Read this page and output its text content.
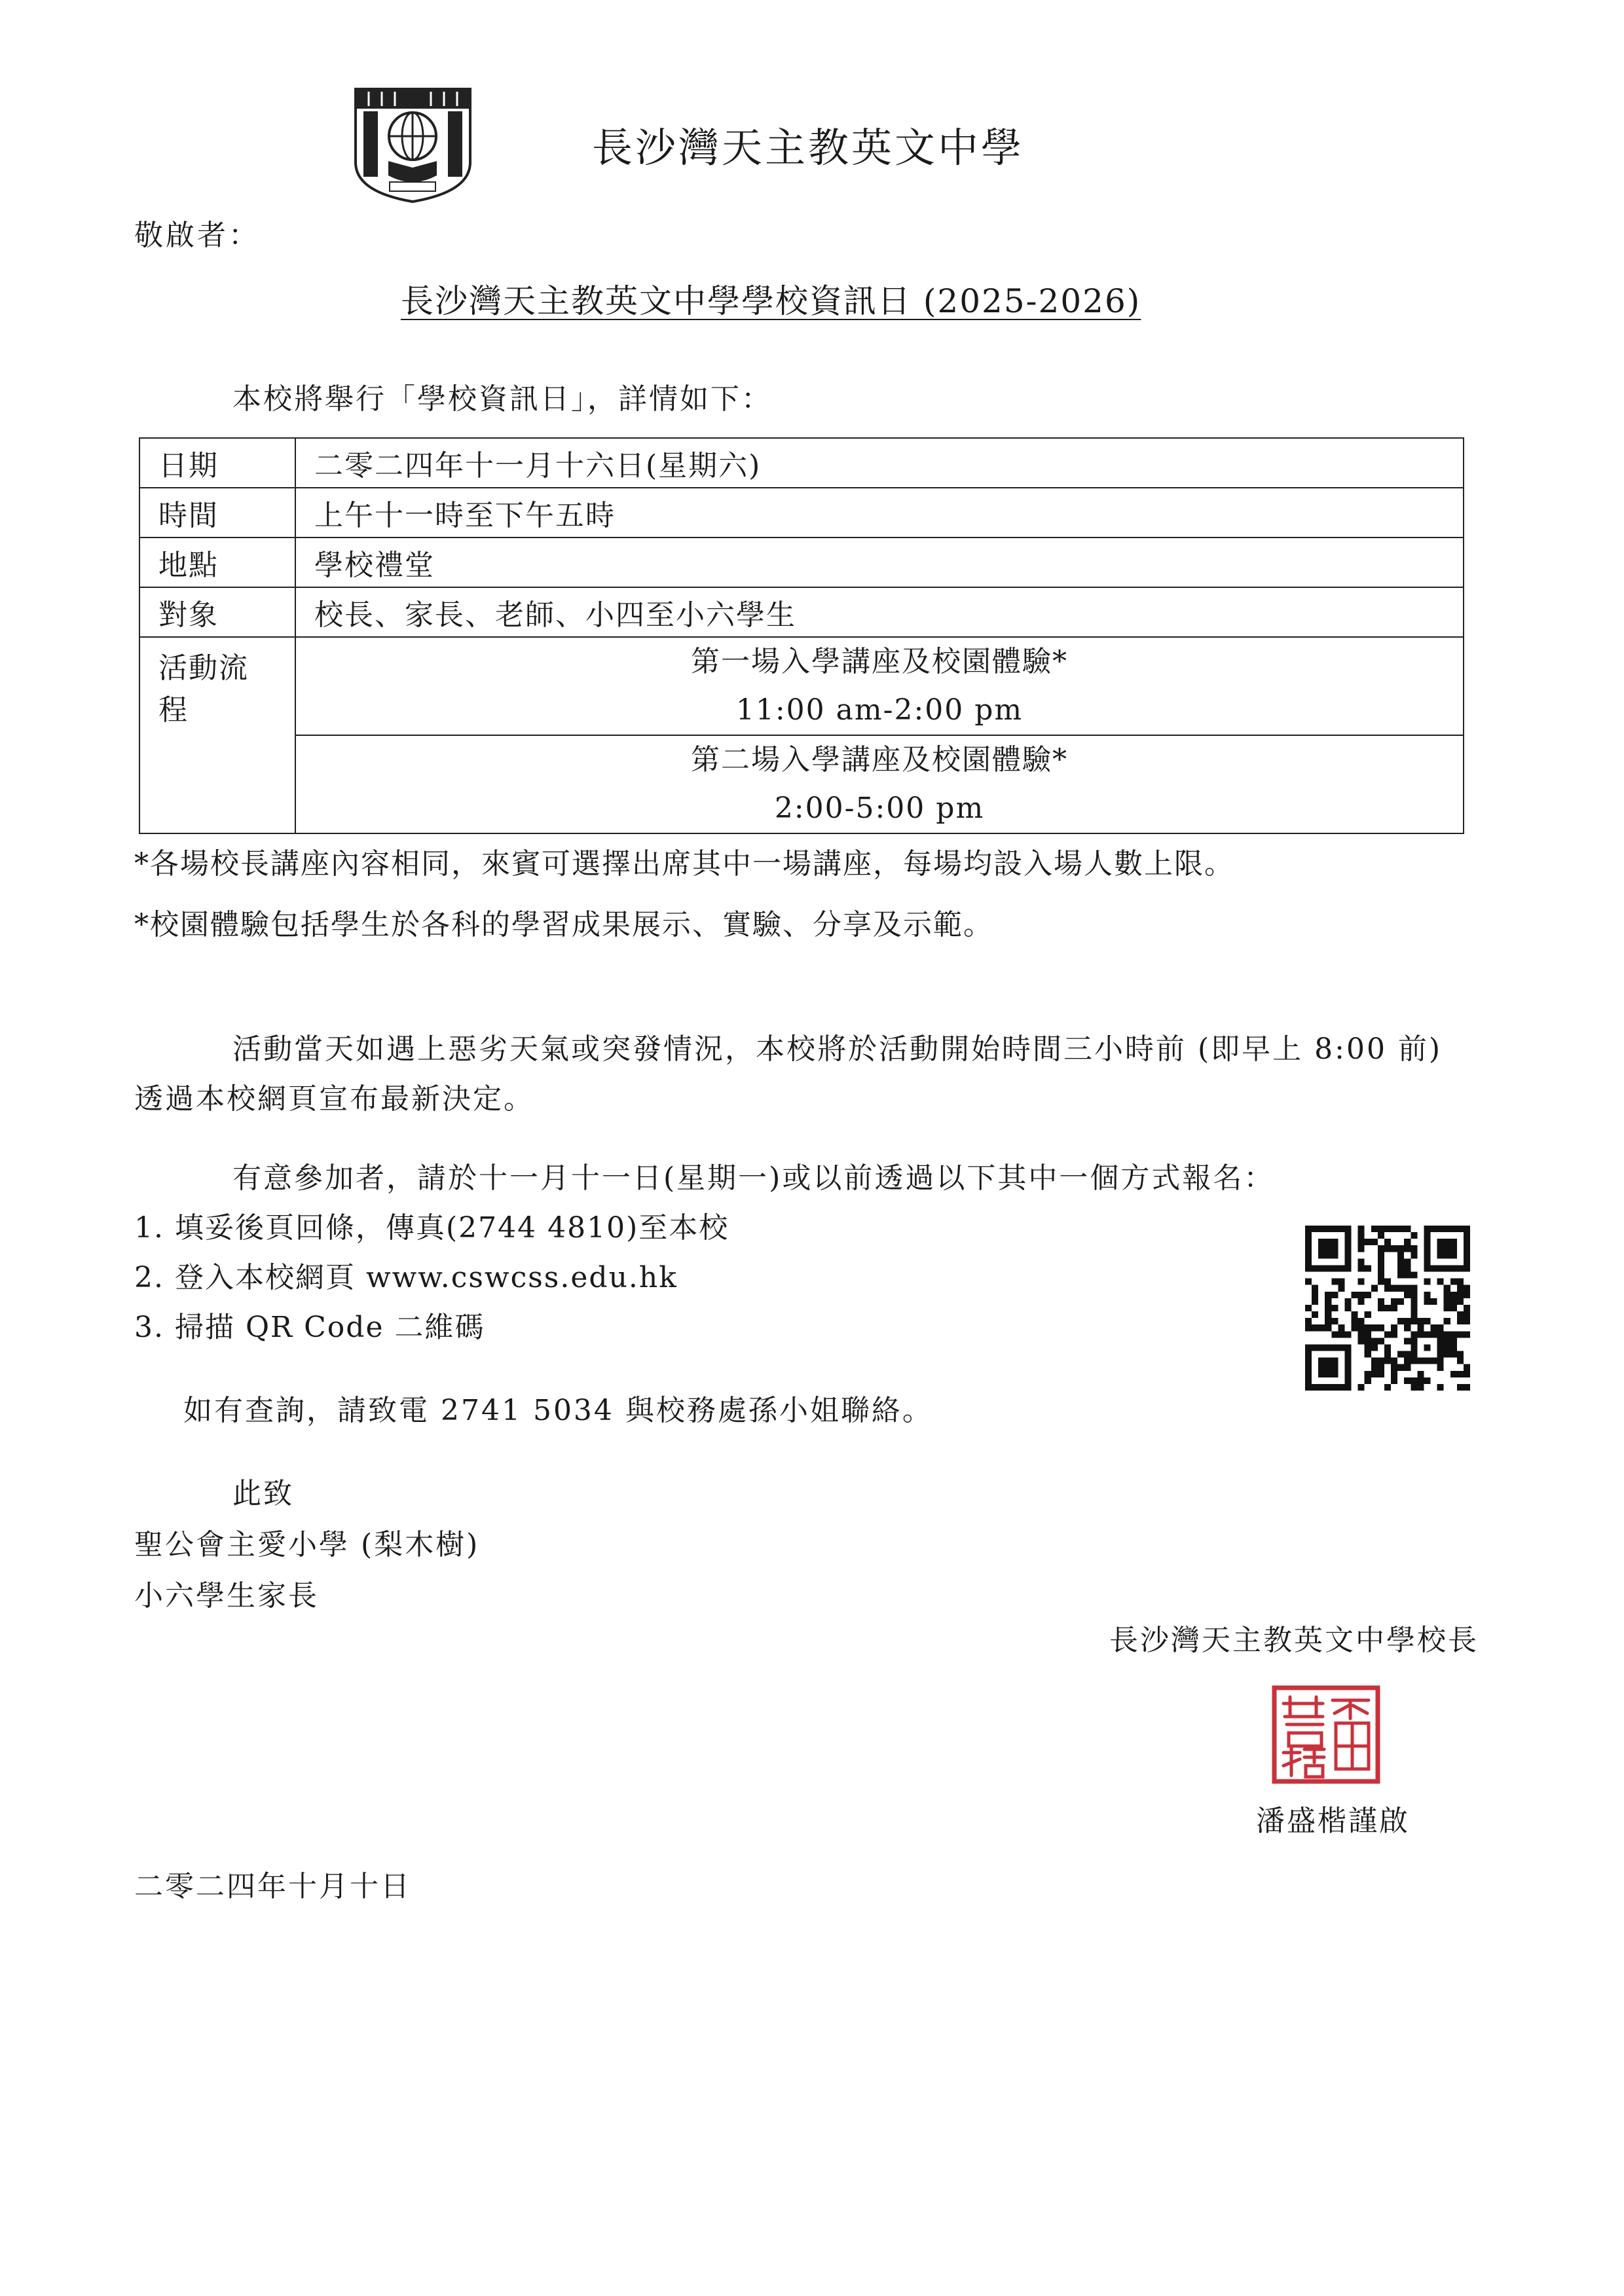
長沙灣天主教英文中學
敬啟者：
長沙灣天主教英文中學學校資訊日 (2025-2026)
本校將舉行「學校資訊日」，詳情如下：
日期	二零二四年十一月十六日(星期六)
時間	上午十一時至下午五時
地點	學校禮堂
對象	校長、家長、老師、小四至小六學生
活動流程	第一場入學講座及校園體驗*
11:00 am-2:00 pm
第二場入學講座及校園體驗*
2:00-5:00 pm
*各場校長講座內容相同，來賓可選擇出席其中一場講座，每場均設入場人數上限。
*校園體驗包括學生於各科的學習成果展示、實驗、分享及示範。
活動當天如遇上惡劣天氣或突發情況，本校將於活動開始時間三小時前 (即早上 8:00 前) 透過本校網頁宣布最新決定。
有意參加者，請於十一月十一日(星期一)或以前透過以下其中一個方式報名：
1. 填妥後頁回條，傳真(2744 4810)至本校
2. 登入本校網頁 www.cswcss.edu.hk
3. 掃描 QR Code 二維碼
如有查詢，請致電 2741 5034 與校務處孫小姐聯絡。
此致
聖公會主愛小學 (梨木樹)
小六學生家長
長沙灣天主教英文中學校長
潘盛楷謹啟
二零二四年十月十日
